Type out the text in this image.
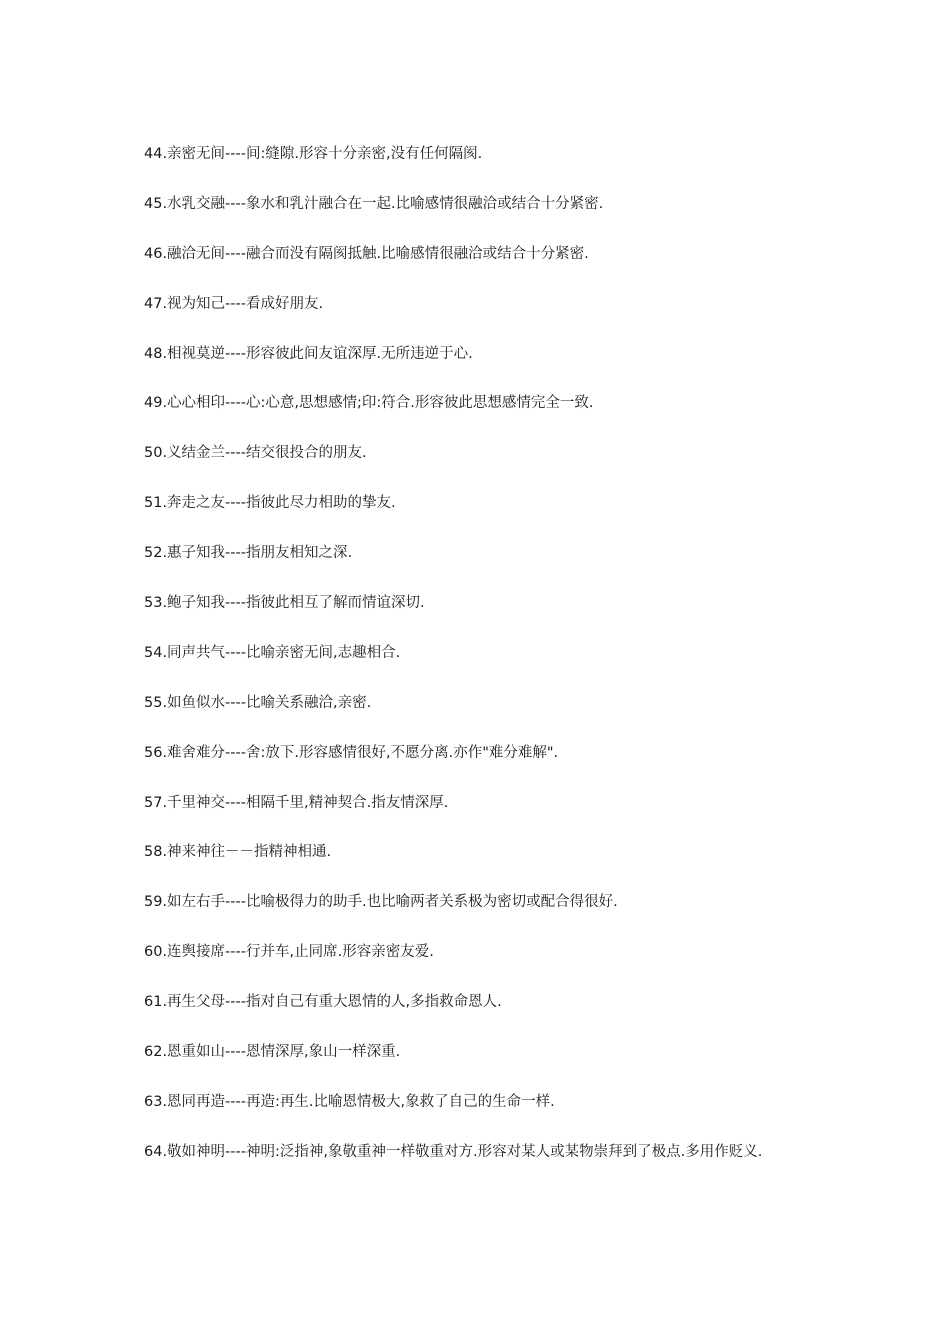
44.亲密无间----间:缝隙.形容十分亲密,没有任何隔阂.
45.水乳交融----象水和乳汁融合在一起.比喻感情很融洽或结合十分紧密.
46.融洽无间----融合而没有隔阂抵触.比喻感情很融洽或结合十分紧密.
47.视为知己----看成好朋友.
48.相视莫逆----形容彼此间友谊深厚.无所违逆于心.
49.心心相印----心:心意,思想感情;印:符合.形容彼此思想感情完全一致.
50.义结金兰----结交很投合的朋友.
51.奔走之友----指彼此尽力相助的挚友.
52.惠子知我----指朋友相知之深.
53.鲍子知我----指彼此相互了解而情谊深切.
54.同声共气----比喻亲密无间,志趣相合.
55.如鱼似水----比喻关系融洽,亲密.
56.难舍难分----舍:放下.形容感情很好,不愿分离.亦作"难分难解".
57.千里神交----相隔千里,精神契合.指友情深厚.
58.神来神往－－指精神相通.
59.如左右手----比喻极得力的助手.也比喻两者关系极为密切或配合得很好.
60.连舆接席----行并车,止同席.形容亲密友爱.
61.再生父母----指对自己有重大恩情的人,多指救命恩人.
62.恩重如山----恩情深厚,象山一样深重.
63.恩同再造----再造:再生.比喻恩情极大,象救了自己的生命一样.
64.敬如神明----神明:泛指神,象敬重神一样敬重对方.形容对某人或某物崇拜到了极点.多用作贬义.
